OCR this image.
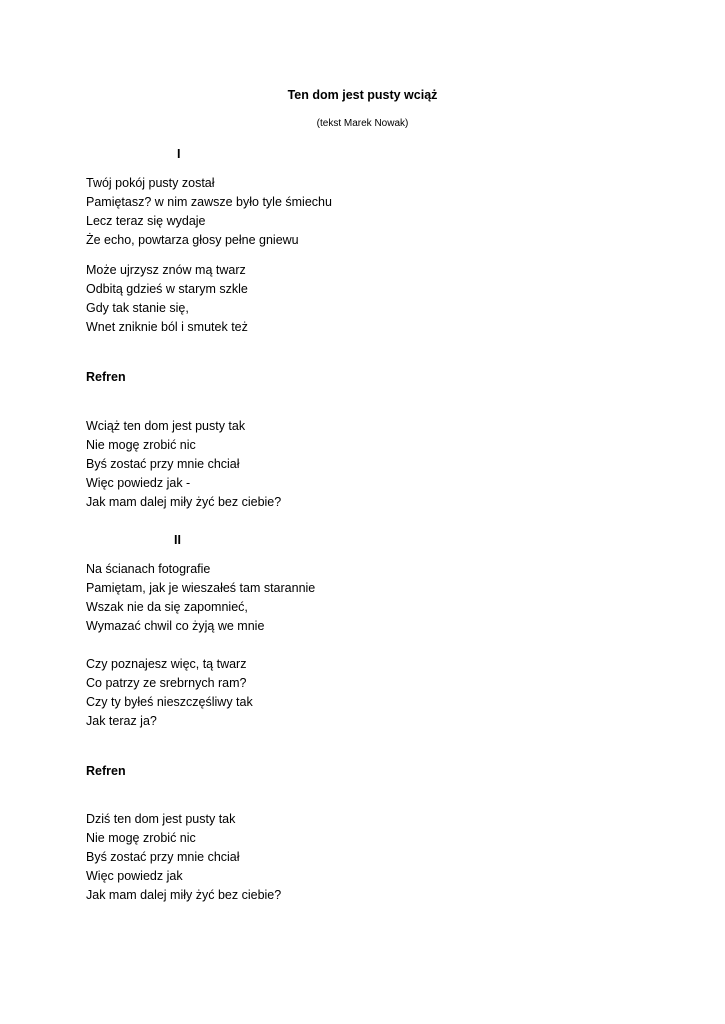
Ten dom jest pusty wciąż
(tekst Marek Nowak)
I
Twój pokój pusty został
Pamiętasz? w nim zawsze było tyle śmiechu
Lecz teraz się wydaje
Że echo, powtarza głosy pełne gniewu
Może ujrzysz znów mą twarz
Odbitą gdzieś w starym szkle
Gdy tak stanie się,
Wnet zniknie ból i smutek też
Refren
Wciąż ten dom jest pusty tak
Nie mogę zrobić nic
Byś zostać przy mnie chciał
Więc powiedz jak -
Jak mam dalej miły żyć bez ciebie?
II
Na ścianach fotografie
Pamiętam, jak je wieszałeś tam starannie
Wszak nie da się zapomnieć,
Wymazać chwil co żyją we mnie
Czy poznajesz więc, tą twarz
Co patrzy ze srebrnych ram?
Czy ty byłeś nieszczęśliwy tak
Jak teraz ja?
Refren
Dziś ten dom jest pusty tak
Nie mogę zrobić nic
Byś zostać przy mnie chciał
Więc powiedz jak
Jak mam dalej miły żyć bez ciebie?
